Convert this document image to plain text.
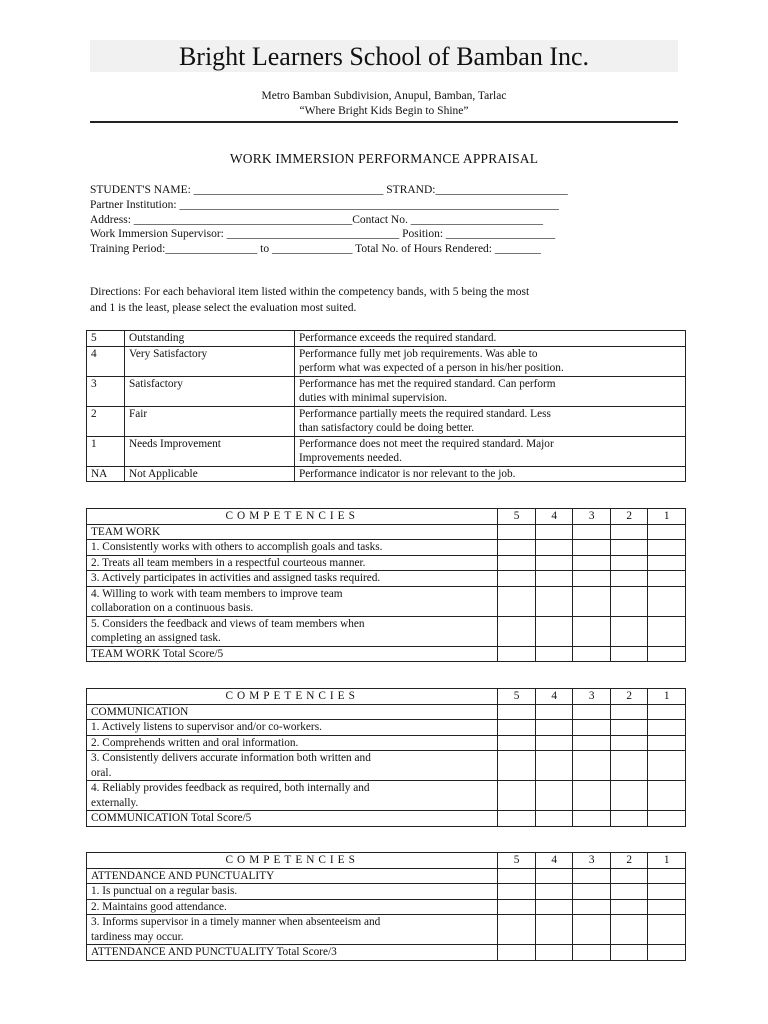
Bright Learners School of Bamban Inc.
Metro Bamban Subdivision, Anupul, Bamban, Tarlac
“Where Bright Kids Begin to Shine”
WORK IMMERSION PERFORMANCE APPRAISAL
STUDENT'S NAME: _________________________________ STRAND:_______________________
Partner Institution: __________________________________________________________________
Address: ______________________________________Contact No. _______________________
Work Immersion Supervisor: ______________________________ Position: ___________________
Training Period:________________ to ______________ Total No. of Hours Rendered: ________
Directions: For each behavioral item listed within the competency bands, with 5 being the most
and 1 is the least, please select the evaluation most suited.
5	Outstanding	Performance exceeds the required standard.

4	Very Satisfactory	Performance fully met job requirements. Was able to
perform what was expected of a person in his/her position.

3	Satisfactory	Performance has met the required standard. Can perform
duties with minimal supervision.

2	Fair	Performance partially meets the required standard. Less
than satisfactory could be doing better.

1	Needs Improvement	Performance does not meet the required standard. Major
Improvements needed.

NA	Not Applicable	Performance indicator is nor relevant to the job.
COMPETENCIES	5	4	3	2	1
TEAM WORK					

1. Consistently works with others to accomplish goals and tasks.					

2. Treats all team members in a respectful courteous manner.					

3. Actively participates in activities and assigned tasks required.					

4. Willing to work with team members to improve team
collaboration on a continuous basis.					

5. Considers the feedback and views of team members when
completing an assigned task.					

TEAM WORK Total Score/5					
COMPETENCIES	5	4	3	2	1
COMMUNICATION					

1. Actively listens to supervisor and/or co-workers.					

2. Comprehends written and oral information.					

3. Consistently delivers accurate information both written and
oral.					

4. Reliably provides feedback as required, both internally and
externally.					

COMMUNICATION Total Score/5					
COMPETENCIES	5	4	3	2	1
ATTENDANCE AND PUNCTUALITY					

1. Is punctual on a regular basis.					

2. Maintains good attendance.					

3. Informs supervisor in a timely manner when absenteeism and
tardiness may occur.					

ATTENDANCE AND PUNCTUALITY Total Score/3					
